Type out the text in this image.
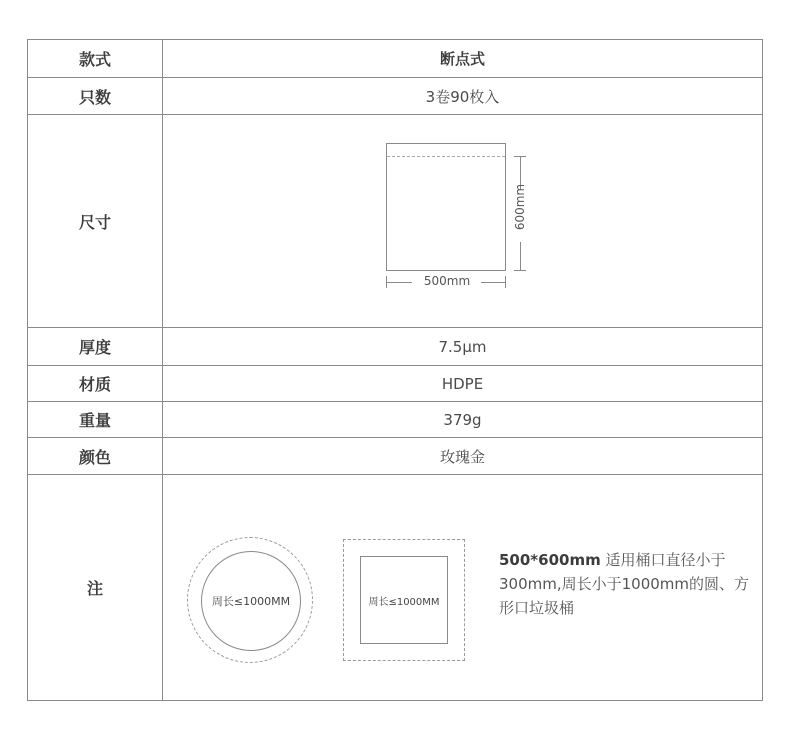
款式	断点式
只数	3卷90枚入
尺寸
500mm
600mm
厚度	7.5μm
材质	HDPE
重量	379g
颜色	玫瑰金
注
周长≤1000MM	周长≤1000MM
500*600mm 适用桶口直径小于300mm,周长小于1000mm的圆、方形口垃圾桶
